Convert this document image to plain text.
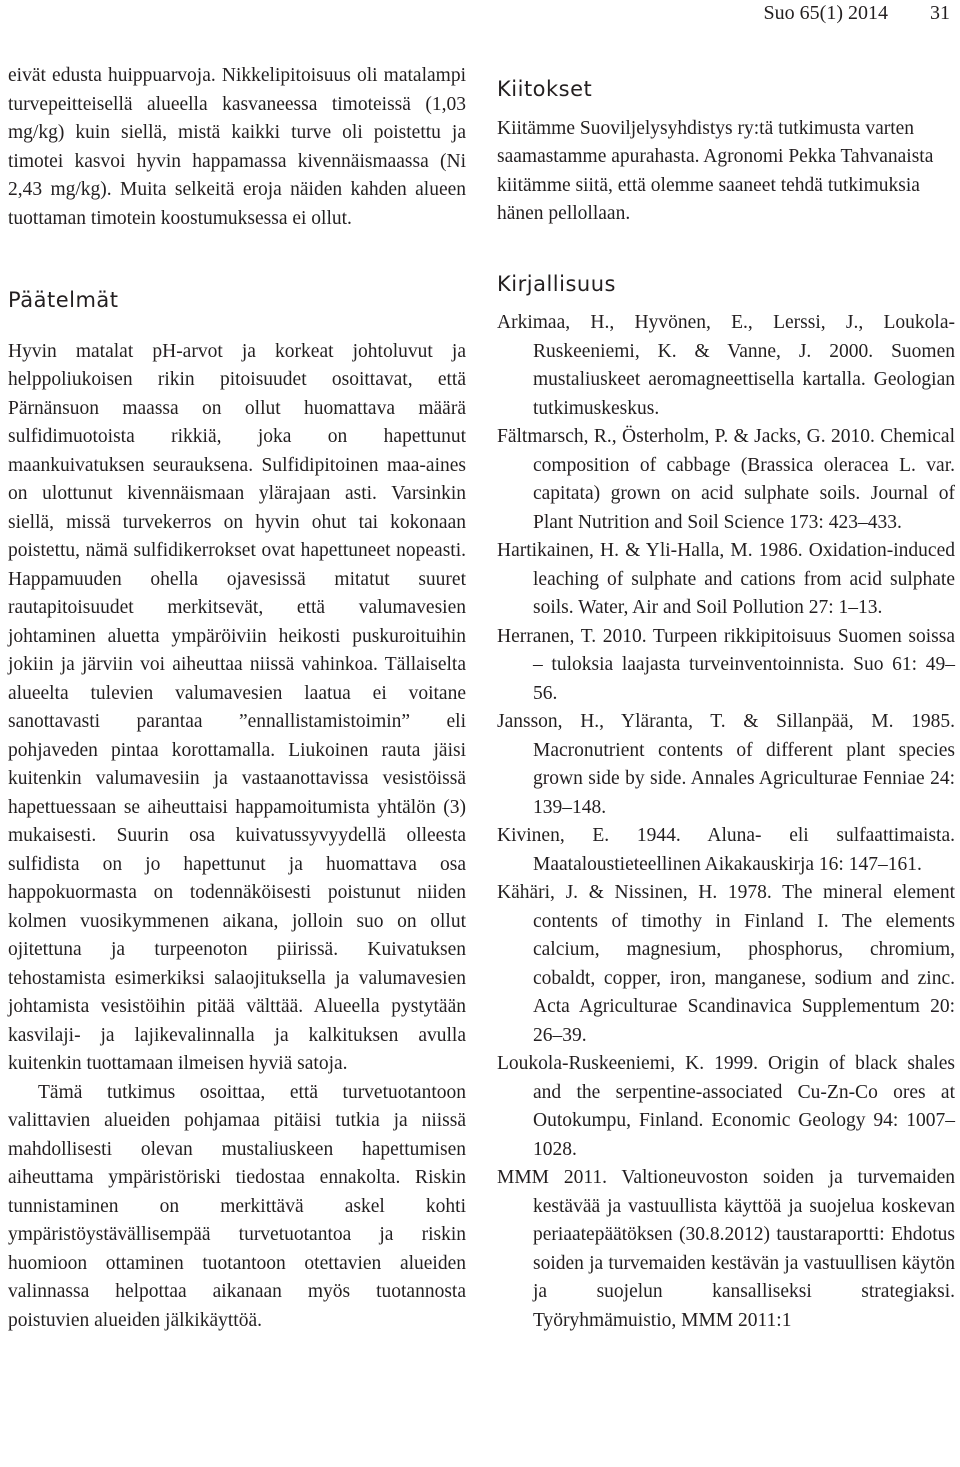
Suo 65(1) 2014 31

eivät edusta huippuarvoja. Nikkelipitoisuus oli matalampi turvepeitteisellä alueella kasvaneessa timoteissä (1,03 mg/kg) kuin siellä, mistä kaikki turve oli poistettu ja timotei kasvoi hyvin happamassa kivennäismaassa (Ni 2,43 mg/kg). Muita selkeitä eroja näiden kahden alueen tuottaman timotein koostumuksessa ei ollut.

Päätelmät

Hyvin matalat pH-arvot ja korkeat johtoluvut ja helppoliukoisen rikin pitoisuudet osoittavat, että Pärnänsuon maassa on ollut huomattava määrä sulfidimuotoista rikkiä, joka on hapettunut maankuivatuksen seurauksena. Sulfidipitoinen maa-aines on ulottunut kivennäismaan ylärajaan asti. Varsinkin siellä, missä turvekerros on hyvin ohut tai kokonaan poistettu, nämä sulfidikerrokset ovat hapettuneet nopeasti. Happamuuden ohella ojavesissä mitatut suuret rautapitoisuudet merkitsevät, että valumavesien johtaminen aluetta ympäröiviin heikosti puskuroituihin jokiin ja järviin voi aiheuttaa niissä vahinkoa. Tällaiselta alueelta tulevien valumavesien laatua ei voitane sanottavasti parantaa ”ennallistamistoimin” eli pohjaveden pintaa korottamalla. Liukoinen rauta jäisi kuitenkin valumavesiin ja vastaanottavissa vesistöissä hapettuessaan se aiheuttaisi happamoitumista yhtälön (3) mukaisesti. Suurin osa kuivatussyvyydellä olleesta sulfidista on jo hapettunut ja huomattava osa happokuormasta on todennäköisesti poistunut niiden kolmen vuosikymmenen aikana, jolloin suo on ollut ojitettuna ja turpeenoton piirissä. Kuivatuksen tehostamista esimerkiksi salaojituksella ja valumavesien johtamista vesistöihin pitää välttää. Alueella pystytään kasvilaji- ja lajikevalinnalla ja kalkituksen avulla kuitenkin tuottamaan ilmeisen hyviä satoja.

Tämä tutkimus osoittaa, että turvetuotantoon valittavien alueiden pohjamaa pitäisi tutkia ja niissä mahdollisesti olevan mustaliuskeen hapettumisen aiheuttama ympäristöriski tiedostaa ennakolta. Riskin tunnistaminen on merkittävä askel kohti ympäristöystävällisempää turvetuotantoa ja riskin huomioon ottaminen tuotantoon otettavien alueiden valinnassa helpottaa aikanaan myös tuotannosta poistuvien alueiden jälkikäyttöä.

Kiitokset

Kiitämme Suoviljelysyhdistys ry:tä tutkimusta varten saamastamme apurahasta. Agronomi Pekka Tahvanaista kiitämme siitä, että olemme saaneet tehdä tutkimuksia hänen pellollaan.

Kirjallisuus

Arkimaa, H., Hyvönen, E., Lerssi, J., Loukola-Ruskeeniemi, K. & Vanne, J. 2000. Suomen mustaliuskeet aeromagneettisella kartalla. Geologian tutkimuskeskus.

Fältmarsch, R., Österholm, P. & Jacks, G. 2010. Chemical composition of cabbage (Brassica oleracea L. var. capitata) grown on acid sulphate soils. Journal of Plant Nutrition and Soil Science 173: 423–433.

Hartikainen, H. & Yli-Halla, M. 1986. Oxidation-induced leaching of sulphate and cations from acid sulphate soils. Water, Air and Soil Pollution 27: 1–13.

Herranen, T. 2010. Turpeen rikkipitoisuus Suomen soissa – tuloksia laajasta turveinventoinnista. Suo 61: 49–56.

Jansson, H., Yläranta, T. & Sillanpää, M. 1985. Macronutrient contents of different plant species grown side by side. Annales Agriculturae Fenniae 24: 139–148.

Kivinen, E. 1944. Aluna- eli sulfaattimaista. Maataloustieteellinen Aikakauskirja 16: 147–161.

Kähäri, J. & Nissinen, H. 1978. The mineral element contents of timothy in Finland I. The elements calcium, magnesium, phosphorus, chromium, cobaldt, copper, iron, manganese, sodium and zinc. Acta Agriculturae Scandinavica Supplementum 20: 26–39.

Loukola-Ruskeeniemi, K. 1999. Origin of black shales and the serpentine-associated Cu-Zn-Co ores at Outokumpu, Finland. Economic Geology 94: 1007–1028.

MMM 2011. Valtioneuvoston soiden ja turvemaiden kestävää ja vastuullista käyttöä ja suojelua koskevan periaatepäätöksen (30.8.2012) taustaraportti: Ehdotus soiden ja turvemaiden kestävän ja vastuullisen käytön ja suojelun kansalliseksi strategiaksi. Työryhmämuistio, MMM 2011:1
